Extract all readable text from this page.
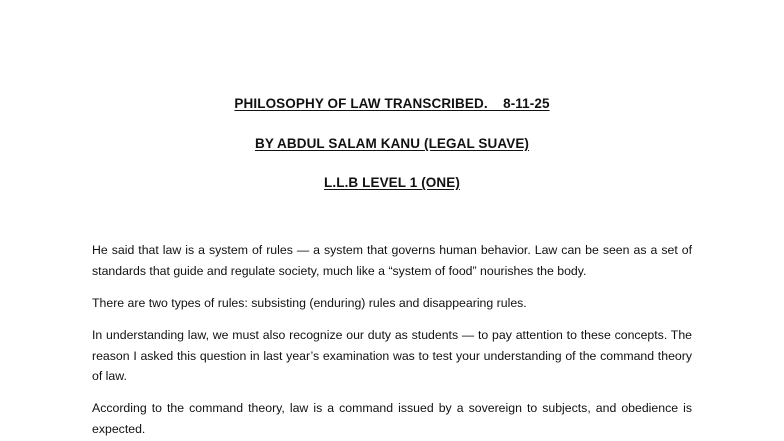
PHILOSOPHY OF LAW TRANSCRIBED.    8-11-25
BY ABDUL SALAM KANU (LEGAL SUAVE)
L.L.B LEVEL 1 (ONE)

He said that law is a system of rules — a system that governs human behavior. Law can be seen as a set of standards that guide and regulate society, much like a “system of food” nourishes the body.

There are two types of rules: subsisting (enduring) rules and disappearing rules.

In understanding law, we must also recognize our duty as students — to pay attention to these concepts. The reason I asked this question in last year’s examination was to test your understanding of the command theory of law.

According to the command theory, law is a command issued by a sovereign to subjects, and obedience is expected.
